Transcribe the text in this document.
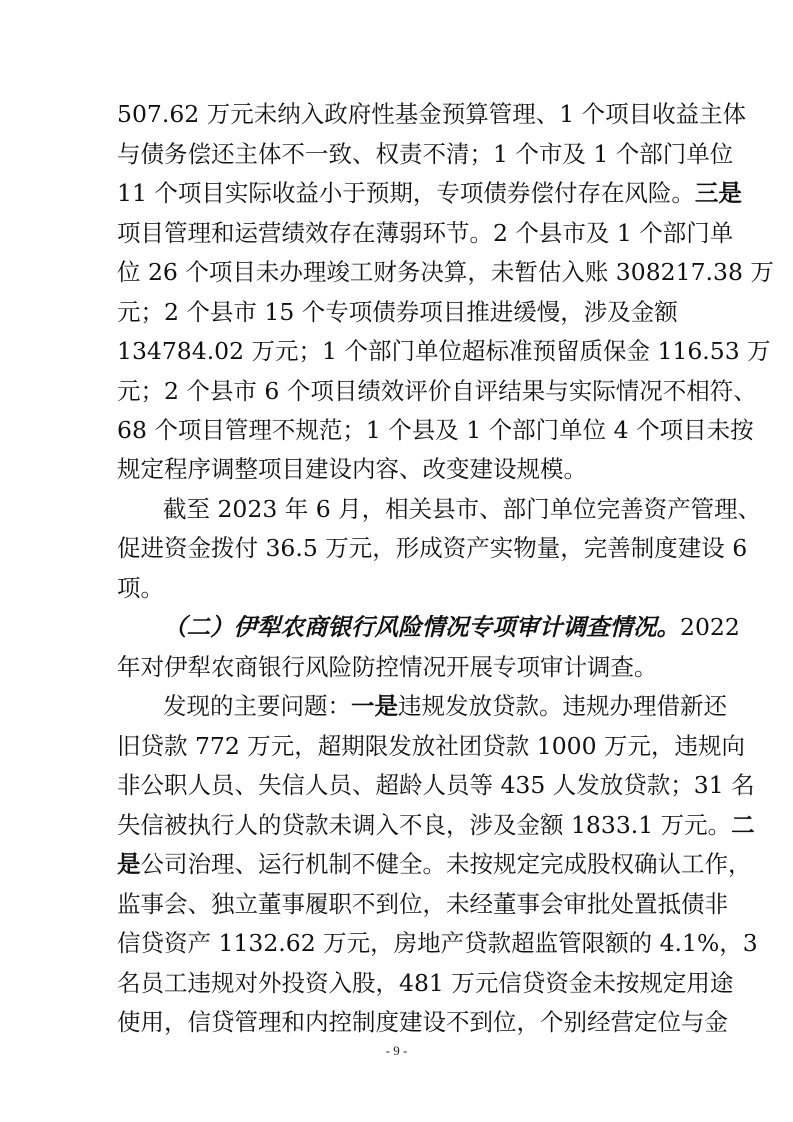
507.62 万元未纳入政府性基金预算管理、1 个项目收益主体
与债务偿还主体不一致、权责不清；1 个市及 1 个部门单位
11 个项目实际收益小于预期，专项债券偿付存在风险。三是
项目管理和运营绩效存在薄弱环节。2 个县市及 1 个部门单
位 26 个项目未办理竣工财务决算，未暂估入账 308217.38 万
元；2 个县市 15 个专项债券项目推进缓慢，涉及金额
134784.02 万元；1 个部门单位超标准预留质保金 116.53 万
元；2 个县市 6 个项目绩效评价自评结果与实际情况不相符、
68 个项目管理不规范；1 个县及 1 个部门单位 4 个项目未按
规定程序调整项目建设内容、改变建设规模。
截至 2023 年 6 月，相关县市、部门单位完善资产管理、
促进资金拨付 36.5 万元，形成资产实物量，完善制度建设 6
项。
（二）伊犁农商银行风险情况专项审计调查情况。2022
年对伊犁农商银行风险防控情况开展专项审计调查。
发现的主要问题：一是违规发放贷款。违规办理借新还
旧贷款 772 万元，超期限发放社团贷款 1000 万元，违规向
非公职人员、失信人员、超龄人员等 435 人发放贷款；31 名
失信被执行人的贷款未调入不良，涉及金额 1833.1 万元。二
是公司治理、运行机制不健全。未按规定完成股权确认工作，
监事会、独立董事履职不到位，未经董事会审批处置抵债非
信贷资产 1132.62 万元，房地产贷款超监管限额的 4.1%，3
名员工违规对外投资入股，481 万元信贷资金未按规定用途
使用，信贷管理和内控制度建设不到位，个别经营定位与金
- 9 -
